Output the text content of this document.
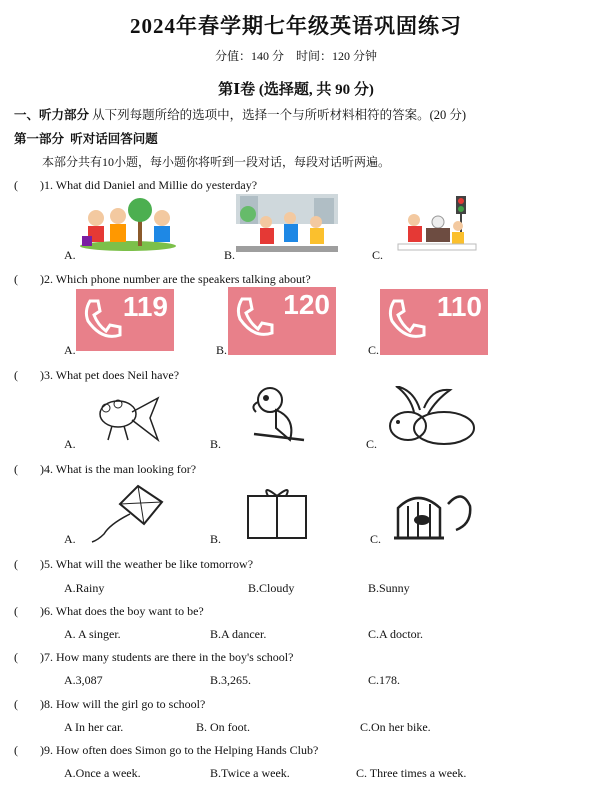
2024年春学期七年级英语巩固练习
分值：140 分    时间：120 分钟
第Ⅰ卷 (选择题, 共 90 分)
一、听力部分 从下列每题所给的选项中，选择一个与所听材料相符的答案。(20 分)
第一部分  听对话回答问题
本部分共有10小题，每小题你将听到一段对话，每段对话听两遍。
( )1. What did Daniel and Millie do yesterday?
A.	B.	C.
( )2. Which phone number are the speakers talking about?
119
A.
120
B.
110
C.
( )3. What pet does Neil have?
A.	B.	C.
( )4. What is the man looking for?
A.	B.	C.
( )5. What will the weather be like tomorrow?
A.Rainy	B.Cloudy	B.Sunny
( )6. What does the boy want to be?
A. A singer.	B.A dancer.	C.A doctor.
( )7. How many students are there in the boy's school?
A.3,087	B.3,265.	C.178.
( )8. How will the girl go to school?
A In her car.	B. On foot.	C.On her bike.
( )9. How often does Simon go to the Helping Hands Club?
A.Once a week.	B.Twice a week.	C. Three times a week.
